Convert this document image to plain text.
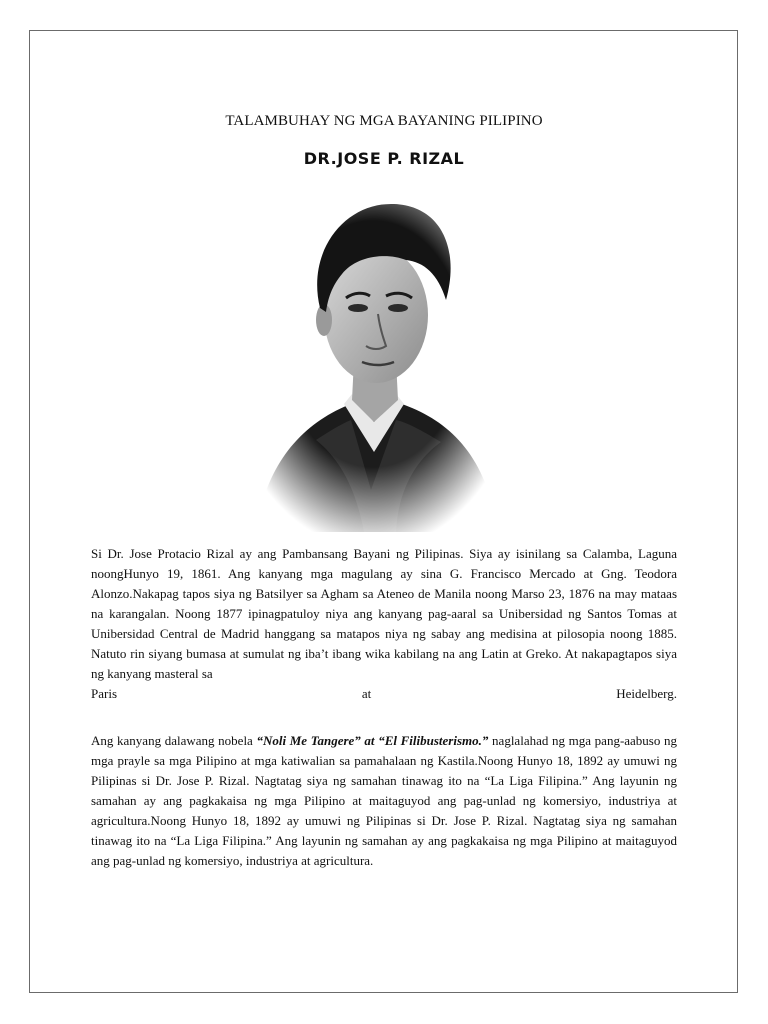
TALAMBUHAY NG MGA BAYANING PILIPINO
DR.JOSE P. RIZAL
Si Dr. Jose Protacio Rizal ay ang Pambansang Bayani ng Pilipinas. Siya ay isinilang sa Calamba, Laguna noongHunyo 19, 1861. Ang kanyang mga magulang ay sina G. Francisco Mercado at Gng. Teodora Alonzo.Nakapag tapos siya ng Batsilyer sa Agham sa Ateneo de Manila noong Marso 23, 1876 na may mataas na karangalan. Noong 1877 ipinagpatuloy niya ang kanyang pag-aaral sa Unibersidad ng Santos Tomas at Unibersidad Central de Madrid hanggang sa matapos niya ng sabay ang medisina at pilosopia noong 1885. Natuto rin siyang bumasa at sumulat ng iba’t ibang wika kabilang na ang Latin at Greko. At nakapagtapos siya ng kanyang masteral sa
Paris	at	Heidelberg.
Ang kanyang dalawang nobela “Noli Me Tangere” at “El Filibusterismo.” naglalahad ng mga pang-aabuso ng mga prayle sa mga Pilipino at mga katiwalian sa pamahalaan ng Kastila.Noong Hunyo 18, 1892 ay umuwi ng Pilipinas si Dr. Jose P. Rizal. Nagtatag siya ng samahan tinawag ito na “La Liga Filipina.” Ang layunin ng samahan ay ang pagkakaisa ng mga Pilipino at maitaguyod ang pag-unlad ng komersiyo, industriya at agricultura.Noong Hunyo 18, 1892 ay umuwi ng Pilipinas si Dr. Jose P. Rizal. Nagtatag siya ng samahan tinawag ito na “La Liga Filipina.” Ang layunin ng samahan ay ang pagkakaisa ng mga Pilipino at maitaguyod ang pag-unlad ng komersiyo, industriya at agricultura.
